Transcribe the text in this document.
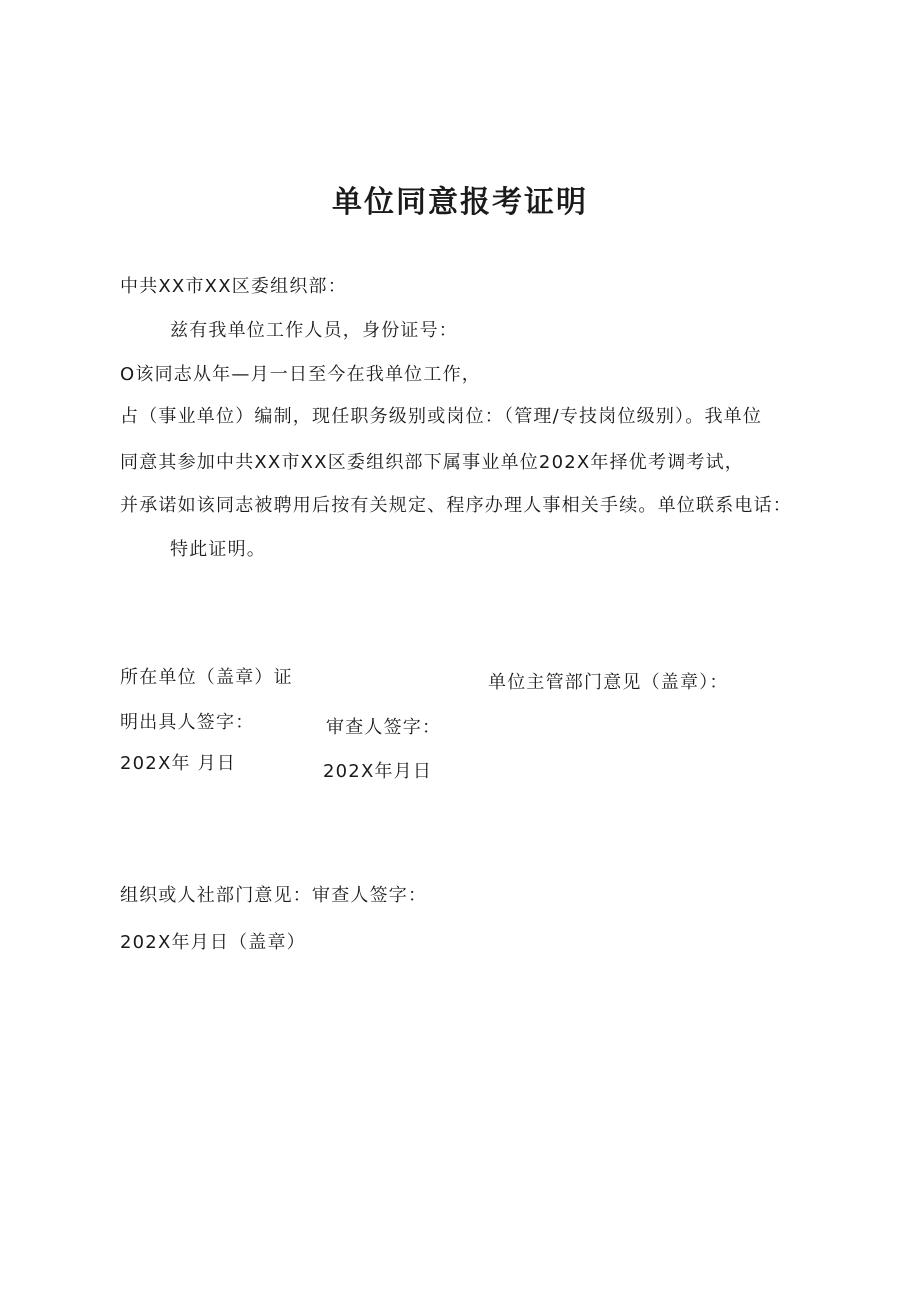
单位同意报考证明
中共XX市XX区委组织部：
兹有我单位工作人员，身份证号：
O该同志从年—月一日至今在我单位工作，
占（事业单位）编制，现任职务级别或岗位：（管理/专技岗位级别）。我单位
同意其参加中共XX市XX区委组织部下属事业单位202X年择优考调考试，
并承诺如该同志被聘用后按有关规定、程序办理人事相关手续。单位联系电话：
特此证明。
所在单位（盖章）证	单位主管部门意见（盖章）：
明出具人签字：	审查人签字：
202X年 月日	202X年月日
组织或人社部门意见：审查人签字：
202X年月日（盖章）
